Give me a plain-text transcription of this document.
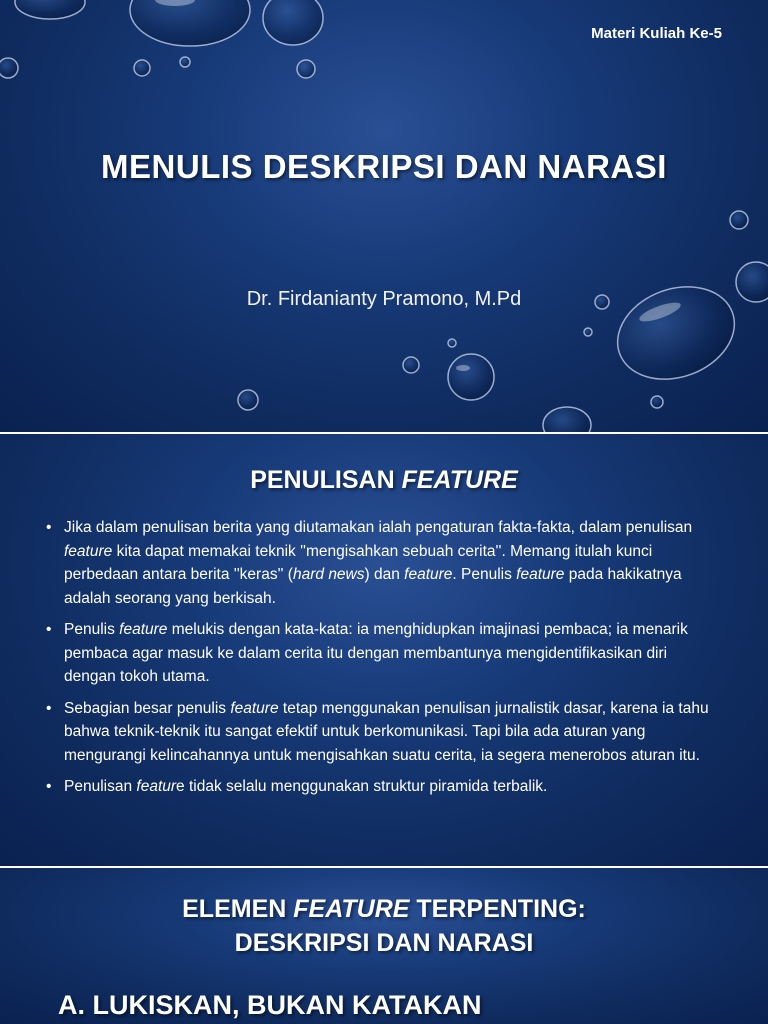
Materi Kuliah Ke-5
MENULIS DESKRIPSI DAN NARASI
Dr. Firdanianty Pramono, M.Pd
PENULISAN FEATURE
• Jika dalam penulisan berita yang diutamakan ialah pengaturan fakta-fakta, dalam penulisan feature kita dapat memakai teknik ''mengisahkan sebuah cerita''. Memang itulah kunci perbedaan antara berita ''keras'' (hard news) dan feature. Penulis feature pada hakikatnya adalah seorang yang berkisah.
• Penulis feature melukis dengan kata-kata: ia menghidupkan imajinasi pembaca; ia menarik pembaca agar masuk ke dalam cerita itu dengan membantunya mengidentifikasikan diri dengan tokoh utama.
• Sebagian besar penulis feature tetap menggunakan penulisan jurnalistik dasar, karena ia tahu bahwa teknik-teknik itu sangat efektif untuk berkomunikasi. Tapi bila ada aturan yang mengurangi kelincahannya untuk mengisahkan suatu cerita, ia segera menerobos aturan itu.
• Penulisan feature tidak selalu menggunakan struktur piramida terbalik.
ELEMEN FEATURE TERPENTING:
DESKRIPSI DAN NARASI
A. LUKISKAN, BUKAN KATAKAN
